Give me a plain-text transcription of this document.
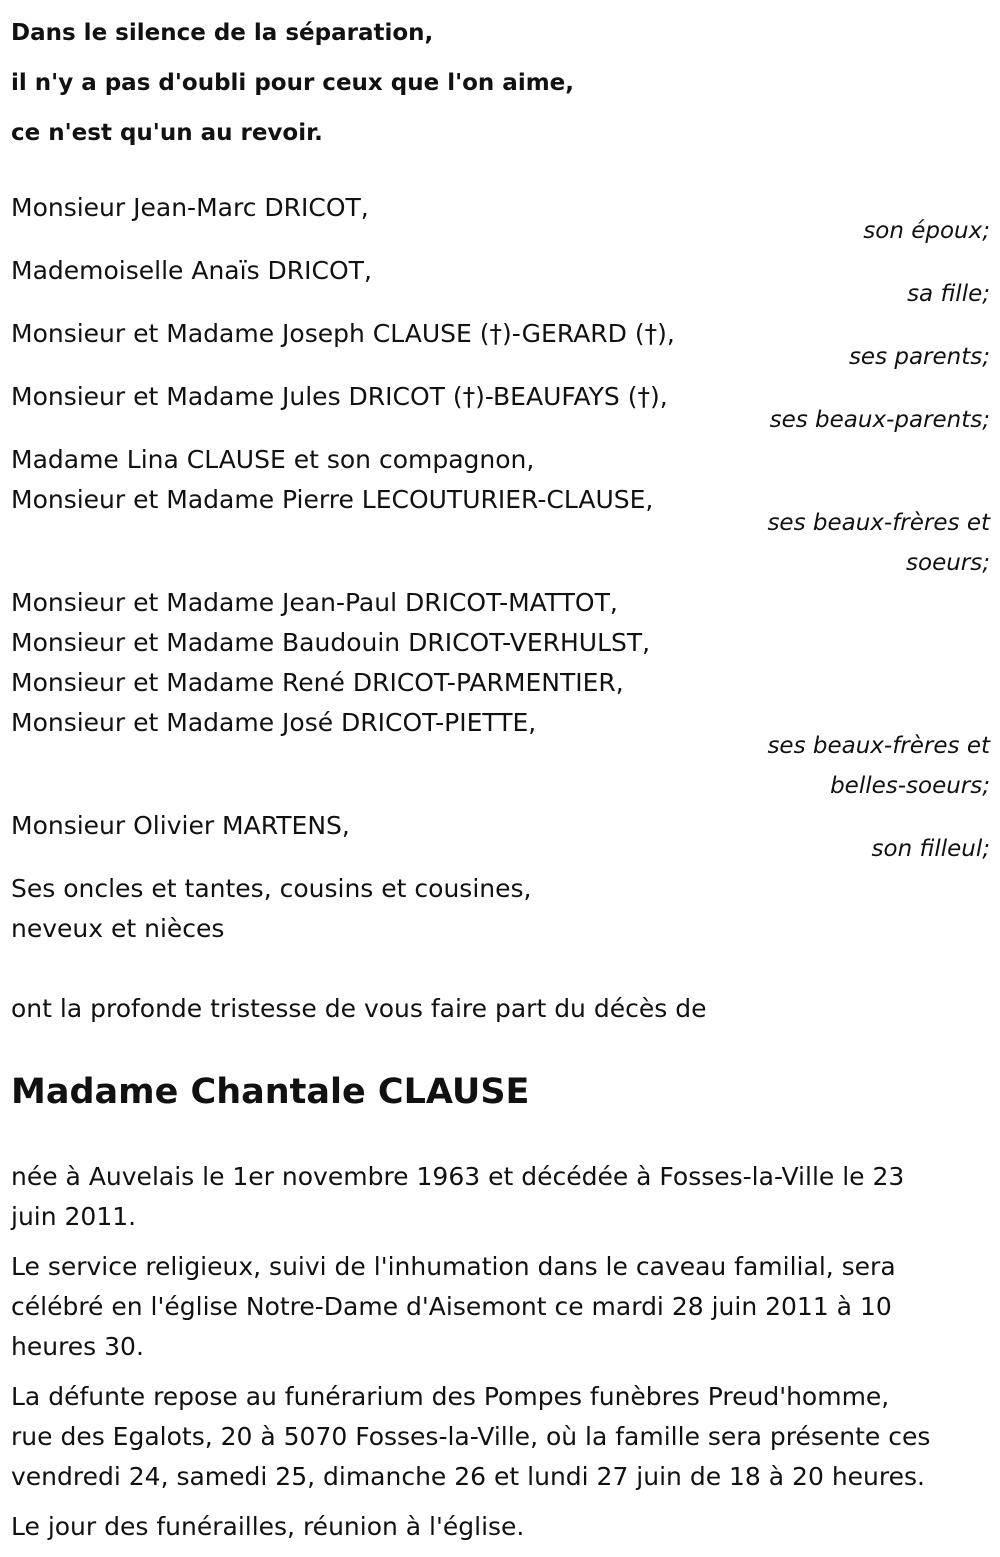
Dans le silence de la séparation,
il n'y a pas d'oubli pour ceux que l'on aime,
ce n'est qu'un au revoir.
Monsieur Jean-Marc DRICOT,
son époux;
Mademoiselle Anaïs DRICOT,
sa fille;
Monsieur et Madame Joseph CLAUSE (†)-GERARD (†),
ses parents;
Monsieur et Madame Jules DRICOT (†)-BEAUFAYS (†),
ses beaux-parents;
Madame Lina CLAUSE et son compagnon,
Monsieur et Madame Pierre LECOUTURIER-CLAUSE,
ses beaux-frères et
soeurs;
Monsieur et Madame Jean-Paul DRICOT-MATTOT,
Monsieur et Madame Baudouin DRICOT-VERHULST,
Monsieur et Madame René DRICOT-PARMENTIER,
Monsieur et Madame José DRICOT-PIETTE,
ses beaux-frères et
belles-soeurs;
Monsieur Olivier MARTENS,
son filleul;
Ses oncles et tantes, cousins et cousines,
neveux et nièces
ont la profonde tristesse de vous faire part du décès de
Madame Chantale CLAUSE
née à Auvelais le 1er novembre 1963 et décédée à Fosses-la-Ville le 23
juin 2011.
Le service religieux, suivi de l'inhumation dans le caveau familial, sera
célébré en l'église Notre-Dame d'Aisemont ce mardi 28 juin 2011 à 10
heures 30.
La défunte repose au funérarium des Pompes funèbres Preud'homme,
rue des Egalots, 20 à 5070 Fosses-la-Ville, où la famille sera présente ces
vendredi 24, samedi 25, dimanche 26 et lundi 27 juin de 18 à 20 heures.
Le jour des funérailles, réunion à l'église.
